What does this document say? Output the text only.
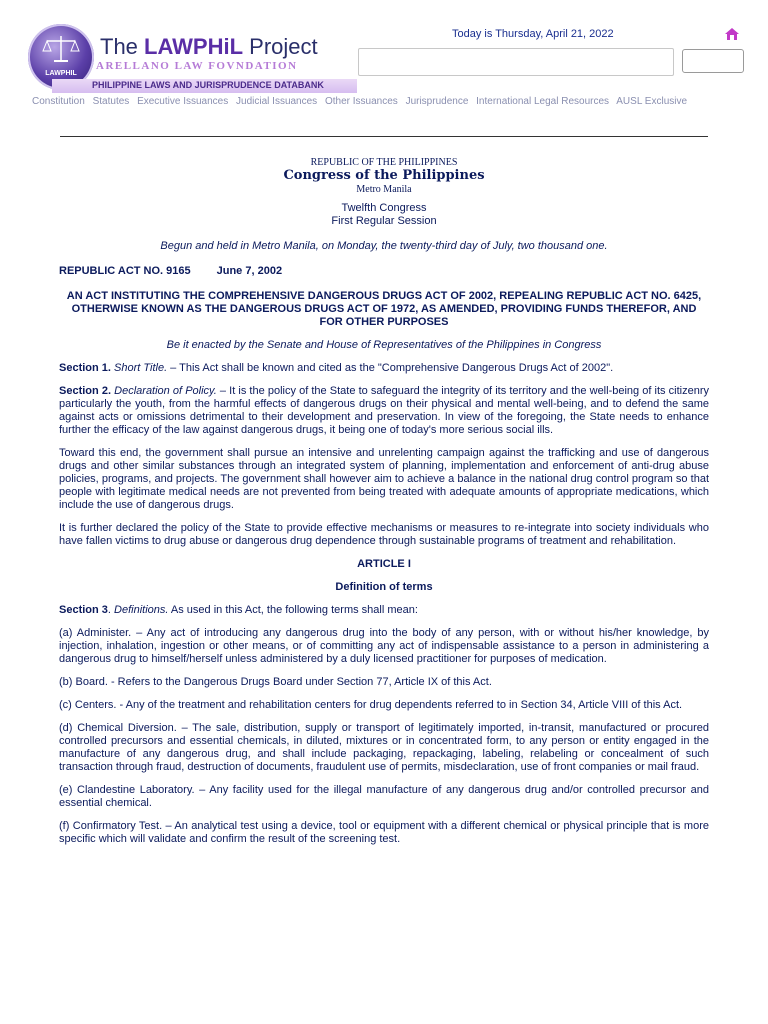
LAWPHIL
The LAWPHiL Project
ARELLANO LAW FOVNDATION
PHILIPPINE LAWS AND JURISPRUDENCE DATABANK
Today is Thursday, April 21, 2022
Constitution Statutes Executive Issuances Judicial Issuances Other Issuances Jurisprudence International Legal Resources AUSL Exclusive
REPUBLIC OF THE PHILIPPINES
Congress of the Philippines
Metro Manila
Twelfth Congress
First Regular Session
Begun and held in Metro Manila, on Monday, the twenty-third day of July, two thousand one.
REPUBLIC ACT NO. 9165 June 7, 2002
AN ACT INSTITUTING THE COMPREHENSIVE DANGEROUS DRUGS ACT OF 2002, REPEALING REPUBLIC ACT NO. 6425, OTHERWISE KNOWN AS THE DANGEROUS DRUGS ACT OF 1972, AS AMENDED, PROVIDING FUNDS THEREFOR, AND FOR OTHER PURPOSES
Be it enacted by the Senate and House of Representatives of the Philippines in Congress

Section 1. Short Title. – This Act shall be known and cited as the "Comprehensive Dangerous Drugs Act of 2002".

Section 2. Declaration of Policy. – It is the policy of the State to safeguard the integrity of its territory and the well-being of its citizenry particularly the youth, from the harmful effects of dangerous drugs on their physical and mental well-being, and to defend the same against acts or omissions detrimental to their development and preservation. In view of the foregoing, the State needs to enhance further the efficacy of the law against dangerous drugs, it being one of today's more serious social ills.

Toward this end, the government shall pursue an intensive and unrelenting campaign against the trafficking and use of dangerous drugs and other similar substances through an integrated system of planning, implementation and enforcement of anti-drug abuse policies, programs, and projects. The government shall however aim to achieve a balance in the national drug control program so that people with legitimate medical needs are not prevented from being treated with adequate amounts of appropriate medications, which include the use of dangerous drugs.

It is further declared the policy of the State to provide effective mechanisms or measures to re-integrate into society individuals who have fallen victims to drug abuse or dangerous drug dependence through sustainable programs of treatment and rehabilitation.

ARTICLE I
Definition of terms

Section 3. Definitions. As used in this Act, the following terms shall mean:

(a) Administer. – Any act of introducing any dangerous drug into the body of any person, with or without his/her knowledge, by injection, inhalation, ingestion or other means, or of committing any act of indispensable assistance to a person in administering a dangerous drug to himself/herself unless administered by a duly licensed practitioner for purposes of medication.

(b) Board. - Refers to the Dangerous Drugs Board under Section 77, Article IX of this Act.

(c) Centers. - Any of the treatment and rehabilitation centers for drug dependents referred to in Section 34, Article VIII of this Act.

(d) Chemical Diversion. – The sale, distribution, supply or transport of legitimately imported, in-transit, manufactured or procured controlled precursors and essential chemicals, in diluted, mixtures or in concentrated form, to any person or entity engaged in the manufacture of any dangerous drug, and shall include packaging, repackaging, labeling, relabeling or concealment of such transaction through fraud, destruction of documents, fraudulent use of permits, misdeclaration, use of front companies or mail fraud.

(e) Clandestine Laboratory. – Any facility used for the illegal manufacture of any dangerous drug and/or controlled precursor and essential chemical.

(f) Confirmatory Test. – An analytical test using a device, tool or equipment with a different chemical or physical principle that is more specific which will validate and confirm the result of the screening test.
